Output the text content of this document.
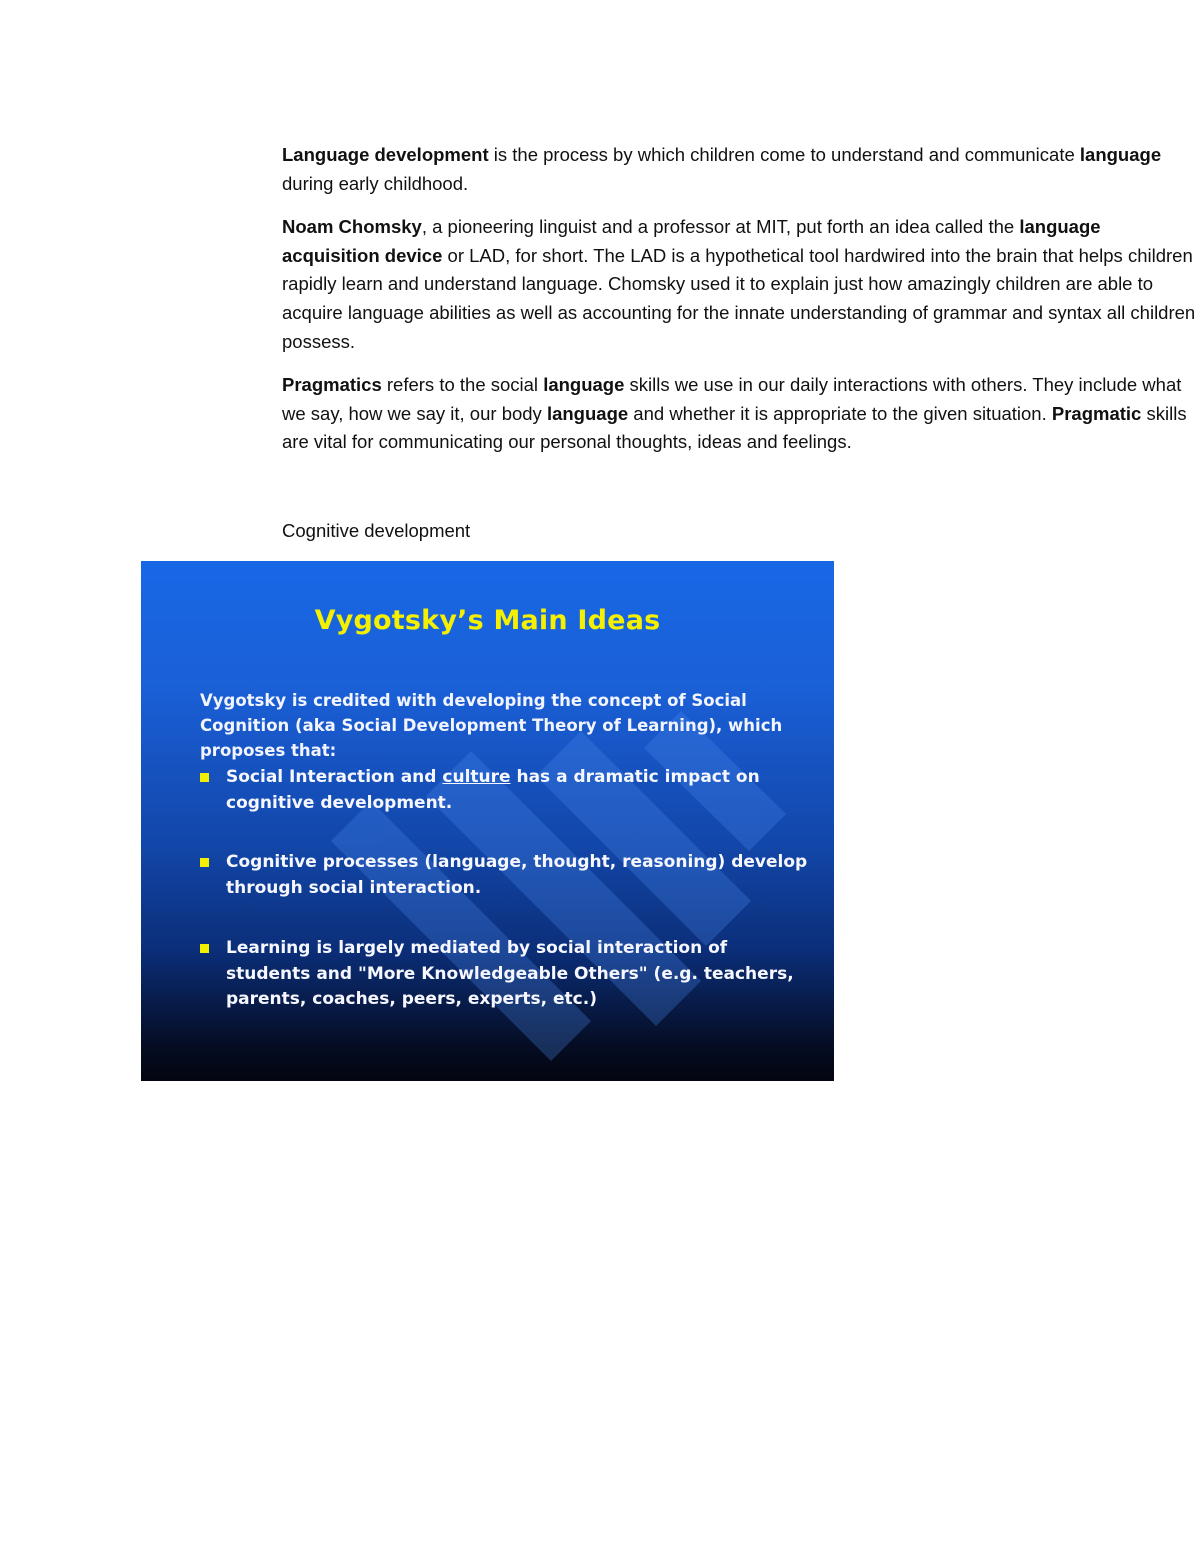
Language development is the process by which children come to understand and communicate language during early childhood.

Noam Chomsky, a pioneering linguist and a professor at MIT, put forth an idea called the language acquisition device or LAD, for short. The LAD is a hypothetical tool hardwired into the brain that helps children rapidly learn and understand language. Chomsky used it to explain just how amazingly children are able to acquire language abilities as well as accounting for the innate understanding of grammar and syntax all children possess.

Pragmatics refers to the social language skills we use in our daily interactions with others. They include what we say, how we say it, our body language and whether it is appropriate to the given situation. Pragmatic skills are vital for communicating our personal thoughts, ideas and feelings.

Cognitive development
Vygotsky’s Main Ideas
Vygotsky is credited with developing the concept of Social Cognition (aka Social Development Theory of Learning), which proposes that:
Social Interaction and culture has a dramatic impact on cognitive development.
Cognitive processes (language, thought, reasoning) develop through social interaction.
Learning is largely mediated by social interaction of students and "More Knowledgeable Others" (e.g. teachers, parents, coaches, peers, experts, etc.)
